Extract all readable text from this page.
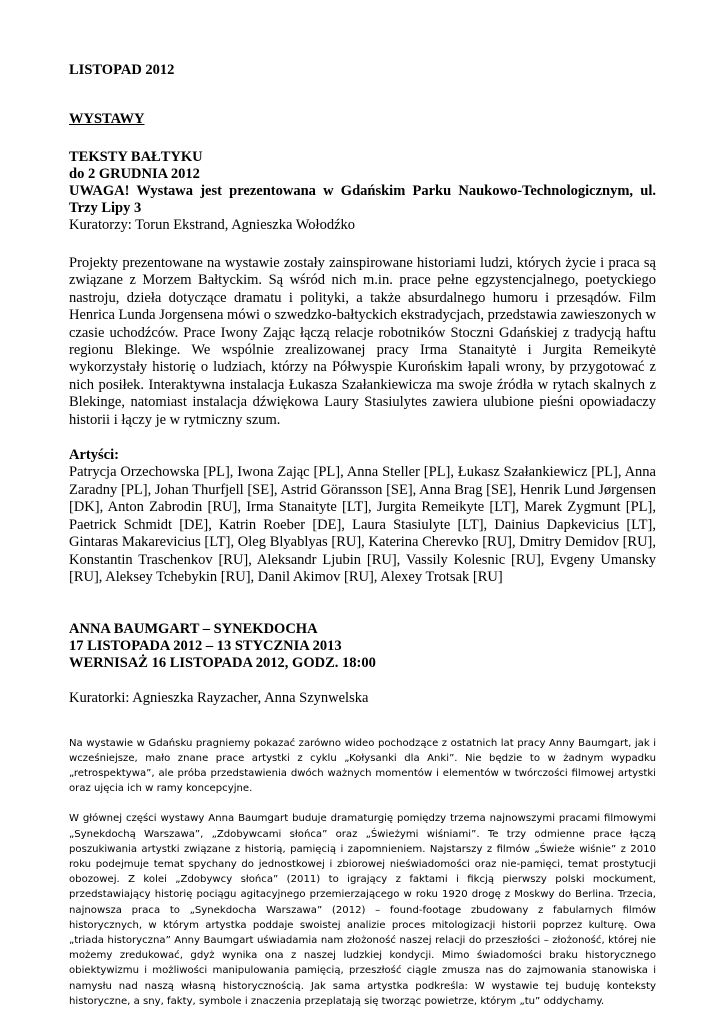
LISTOPAD 2012
WYSTAWY
TEKSTY BAŁTYKU
do 2 GRUDNIA 2012
UWAGA! Wystawa jest prezentowana w Gdańskim Parku Naukowo-Technologicznym, ul. Trzy Lipy 3
Kuratorzy: Torun Ekstrand, Agnieszka Wołodźko
Projekty prezentowane na wystawie zostały zainspirowane historiami ludzi, których życie i praca są związane z Morzem Bałtyckim. Są wśród nich m.in. prace pełne egzystencjalnego, poetyckiego nastroju, dzieła dotyczące dramatu i polityki, a także absurdalnego humoru i przesądów. Film Henrica Lunda Jorgensena mówi o szwedzko-bałtyckich ekstradycjach, przedstawia zawieszonych w czasie uchodźców. Prace Iwony Zając łączą relacje robotników Stoczni Gdańskiej z tradycją haftu regionu Blekinge. We wspólnie zrealizowanej pracy Irma Stanaitytė i Jurgita Remeikytė wykorzystały historię o ludziach, którzy na Półwyspie Kurońskim łapali wrony, by przygotować z nich posiłek. Interaktywna instalacja Łukasza Szałankiewicza ma swoje źródła w rytach skalnych z Blekinge, natomiast instalacja dźwiękowa Laury Stasiulytes zawiera ulubione pieśni opowiadaczy historii i łączy je w rytmiczny szum.
Artyści:
Patrycja Orzechowska [PL], Iwona Zając [PL], Anna Steller [PL], Łukasz Szałankiewicz [PL], Anna Zaradny [PL], Johan Thurfjell [SE], Astrid Göransson [SE], Anna Brag [SE], Henrik Lund Jørgensen [DK], Anton Zabrodin [RU], Irma Stanaityte [LT], Jurgita Remeikyte [LT], Marek Zygmunt [PL], Paetrick Schmidt [DE], Katrin Roeber [DE], Laura Stasiulyte [LT], Dainius Dapkevicius [LT], Gintaras Makarevicius [LT], Oleg Blyablyas [RU], Katerina Cherevko [RU], Dmitry Demidov [RU], Konstantin Traschenkov [RU], Aleksandr Ljubin [RU], Vassily Kolesnic [RU], Evgeny Umansky [RU], Aleksey Tchebykin [RU], Danil Akimov [RU], Alexey Trotsak [RU]
ANNA BAUMGART – SYNEKDOCHA
17 LISTOPADA 2012 – 13 STYCZNIA 2013
WERNISAŻ 16 LISTOPADA 2012, GODZ. 18:00
Kuratorki: Agnieszka Rayzacher, Anna Szynwelska
Na wystawie w Gdańsku pragniemy pokazać zarówno wideo pochodzące z ostatnich lat pracy Anny Baumgart, jak i wcześniejsze, mało znane prace artystki z cyklu „Kołysanki dla Anki”. Nie będzie to w żadnym wypadku „retrospektywa”, ale próba przedstawienia dwóch ważnych momentów i elementów w twórczości filmowej artystki oraz ujęcia ich w ramy koncepcyjne.
W głównej części wystawy Anna Baumgart buduje dramaturgię pomiędzy trzema najnowszymi pracami filmowymi „Synekdochą Warszawa”, „Zdobywcami słońca” oraz „Świeżymi wiśniami”. Te trzy odmienne prace łączą poszukiwania artystki związane z historią, pamięcią i zapomnieniem. Najstarszy z filmów „Świeże wiśnie” z 2010 roku podejmuje temat spychany do jednostkowej i zbiorowej nieświadomości oraz nie-pamięci, temat prostytucji obozowej. Z kolei „Zdobywcy słońca” (2011) to igrający z faktami i fikcją pierwszy polski mockument, przedstawiający historię pociągu agitacyjnego przemierzającego w roku 1920 drogę z Moskwy do Berlina. Trzecia, najnowsza praca to „Synekdocha Warszawa” (2012) – found-footage zbudowany z fabularnych filmów historycznych, w którym artystka poddaje swoistej analizie proces mitologizacji historii poprzez kulturę. Owa „triada historyczna” Anny Baumgart uświadamia nam złożoność naszej relacji do przeszłości – złożoność, której nie możemy zredukować, gdyż wynika ona z naszej ludzkiej kondycji. Mimo świadomości braku historycznego obiektywizmu i możliwości manipulowania pamięcią, przeszłość ciągle zmusza nas do zajmowania stanowiska i namysłu nad naszą własną historycznością. Jak sama artystka podkreśla: W wystawie tej buduję konteksty historyczne, a sny, fakty, symbole i znaczenia przeplatają się tworząc powietrze, którym „tu” oddychamy.
